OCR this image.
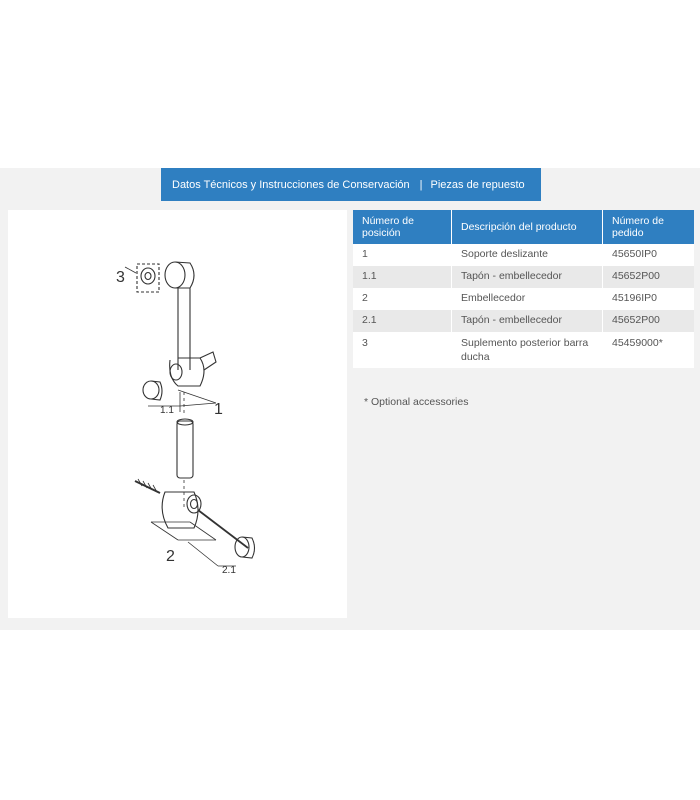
Datos Técnicos y Instrucciones de Conservación | Piezas de repuesto
3
1.1	1
2
2.1
Número de posición	Descripción del producto	Número de pedido
1	Soporte deslizante	45650IP0
1.1	Tapón - embellecedor	45652P00
2	Embellecedor	45196IP0
2.1	Tapón - embellecedor	45652P00
3	Suplemento posterior barra ducha	45459000*
* Optional accessories
